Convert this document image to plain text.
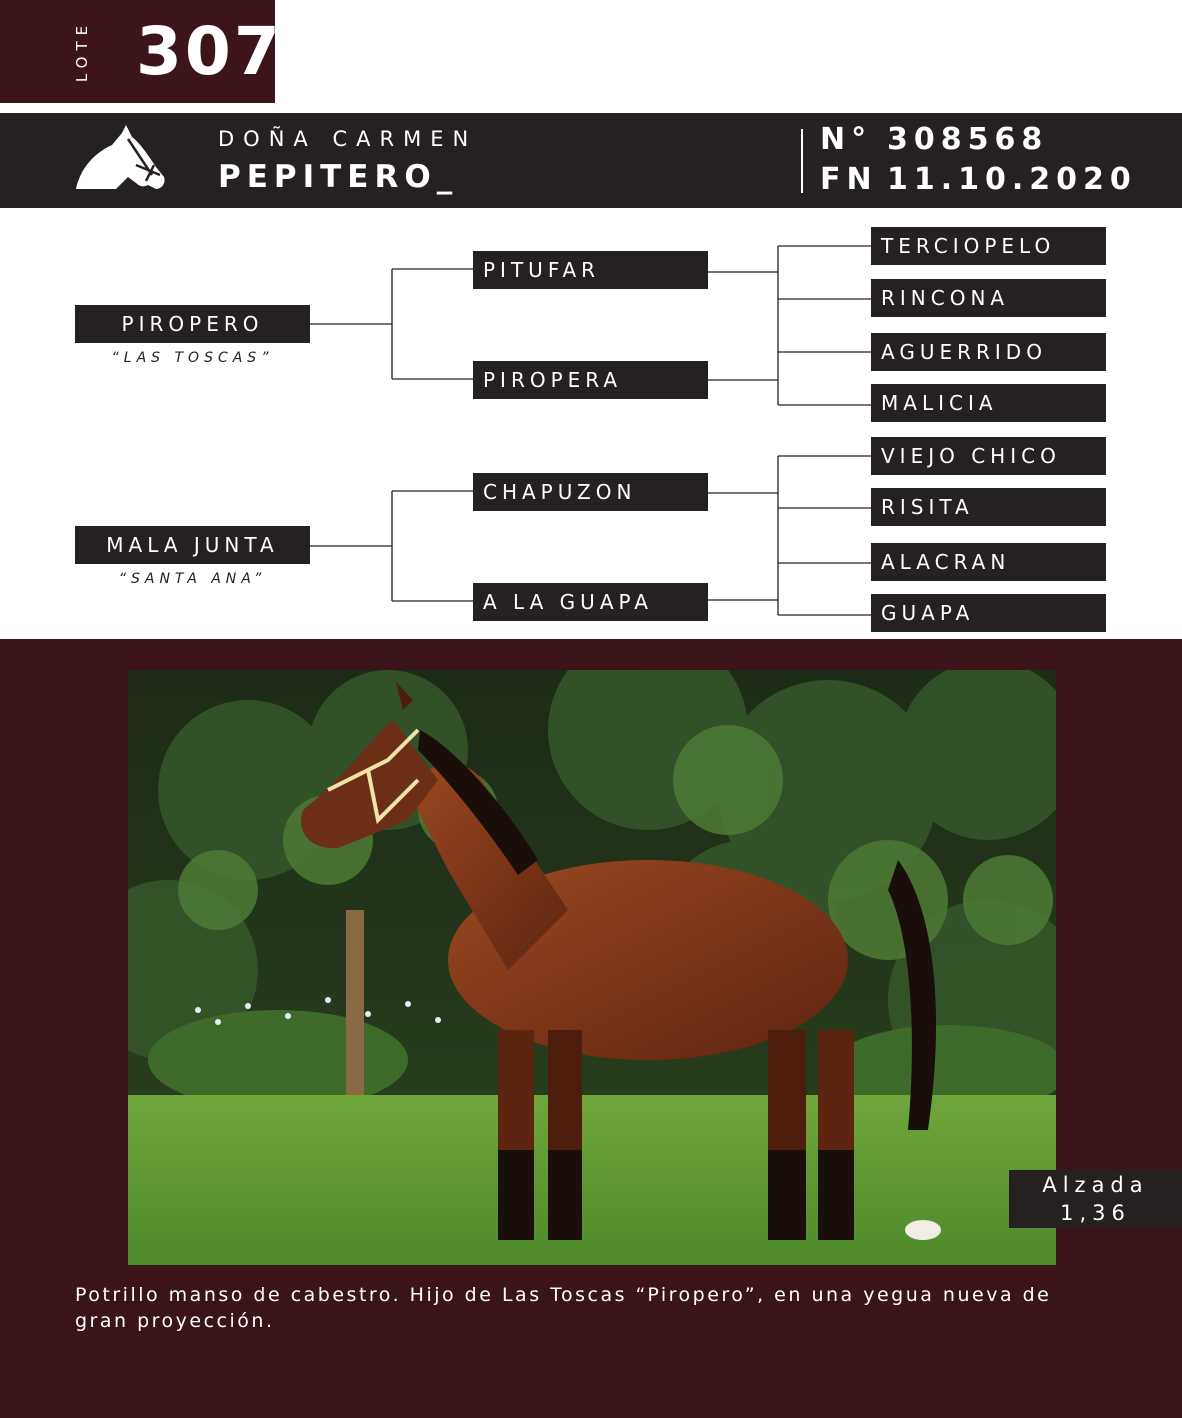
LOTE 307
DOÑA CARMEN
PEPITERO_
N° 308568
FN 11.10.2020
PIROPERO
“LAS TOSCAS”
MALA JUNTA
“SANTA ANA”
PITUFAR
PIROPERA
CHAPUZON
A LA GUAPA
TERCIOPELO
RINCONA
AGUERRIDO
MALICIA
VIEJO CHICO
RISITA
ALACRAN
GUAPA
Alzada
1,36
Potrillo manso de cabestro. Hijo de Las Toscas “Piropero”, en una yegua nueva de gran proyección.
